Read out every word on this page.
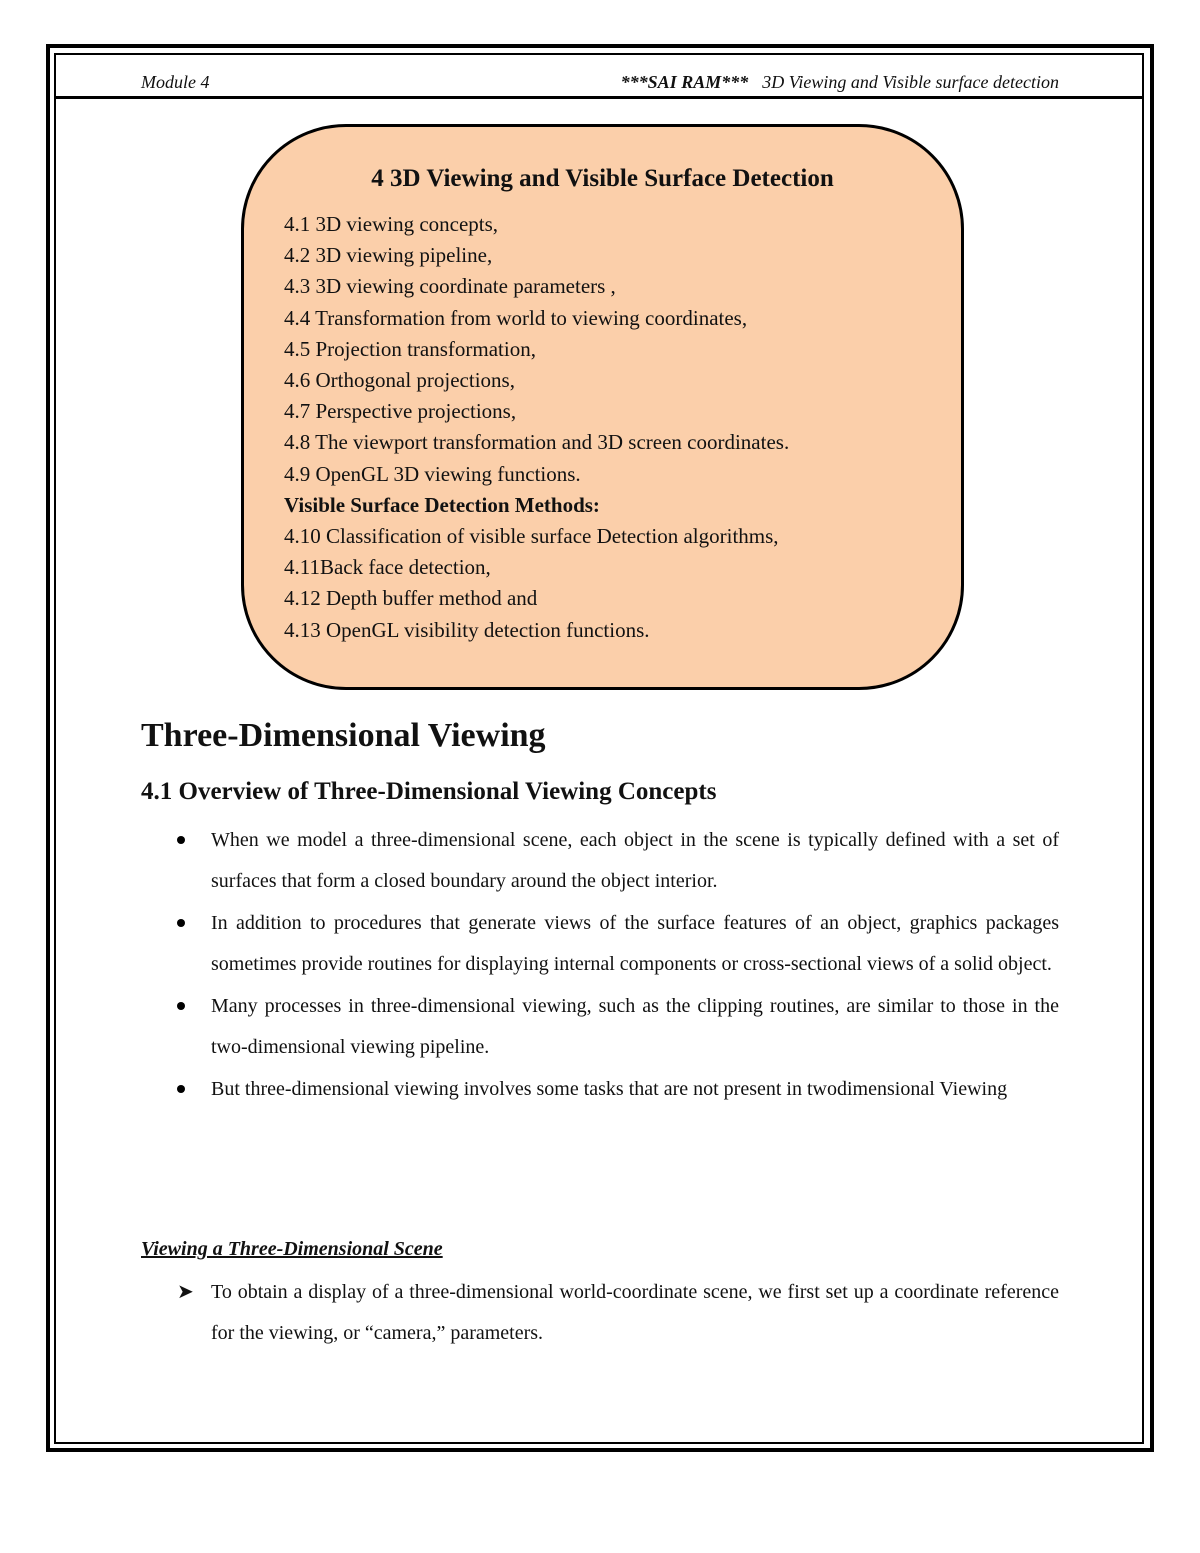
Module 4	***SAI RAM*** 3D Viewing and Visible surface detection
4 3D Viewing and Visible Surface Detection
4.1 3D viewing concepts,
4.2 3D viewing pipeline,
4.3 3D viewing coordinate parameters ,
4.4 Transformation from world to viewing coordinates,
4.5 Projection transformation,
4.6 Orthogonal projections,
4.7 Perspective projections,
4.8 The viewport transformation and 3D screen coordinates.
4.9 OpenGL 3D viewing functions.
Visible Surface Detection Methods:
4.10 Classification of visible surface Detection algorithms,
4.11Back face detection,
4.12 Depth buffer method and
4.13 OpenGL visibility detection functions.
Three-Dimensional Viewing
4.1 Overview of Three-Dimensional Viewing Concepts
When we model a three-dimensional scene, each object in the scene is typically defined with a set of surfaces that form a closed boundary around the object interior.
In addition to procedures that generate views of the surface features of an object, graphics packages sometimes provide routines for displaying internal components or cross-sectional views of a solid object.
Many processes in three-dimensional viewing, such as the clipping routines, are similar to those in the two-dimensional viewing pipeline.
But three-dimensional viewing involves some tasks that are not present in twodimensional Viewing
Viewing a Three-Dimensional Scene
➤ To obtain a display of a three-dimensional world-coordinate scene, we first set up a coordinate reference for the viewing, or “camera,” parameters.
